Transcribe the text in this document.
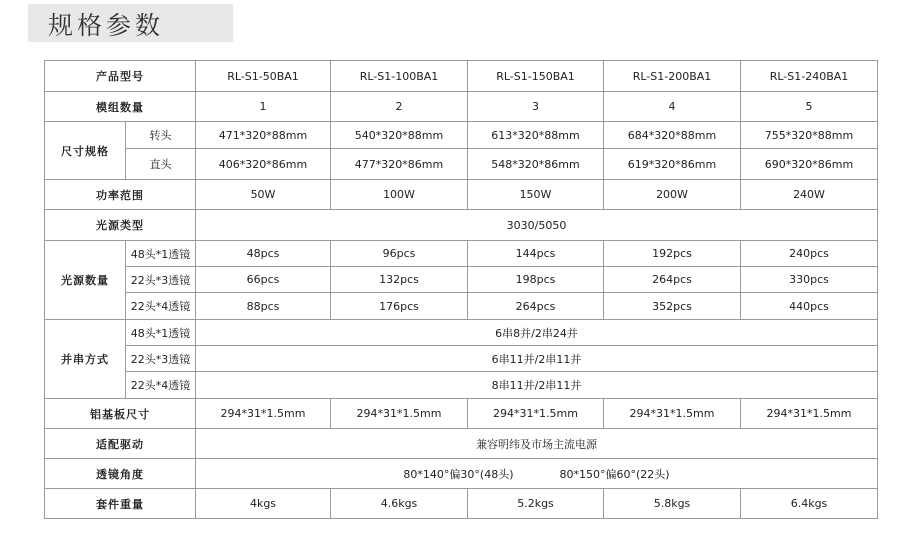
规格参数
产品型号		RL-S1-50BA1	RL-S1-100BA1	RL-S1-150BA1	RL-S1-200BA1	RL-S1-240BA1
模组数量		1	2	3	4	5
尺寸规格	转头	471*320*88mm	540*320*88mm	613*320*88mm	684*320*88mm	755*320*88mm
	直头	406*320*86mm	477*320*86mm	548*320*86mm	619*320*86mm	690*320*86mm
功率范围		50W	100W	150W	200W	240W
光源类型		3030/5050				
光源数量	48头*1透镜	48pcs	96pcs	144pcs	192pcs	240pcs
	22头*3透镜	66pcs	132pcs	198pcs	264pcs	330pcs
	22头*4透镜	88pcs	176pcs	264pcs	352pcs	440pcs
并串方式	48头*1透镜	6串8并/2串24并				
	22头*3透镜	6串11并/2串11并				
	22头*4透镜	8串11并/2串11并				
铝基板尺寸		294*31*1.5mm	294*31*1.5mm	294*31*1.5mm	294*31*1.5mm	294*31*1.5mm
适配驱动		兼容明纬及市场主流电源				
透镜角度		80*140°偏30°(48头) 80*150°偏60°(22头)				
套件重量		4kgs	4.6kgs	5.2kgs	5.8kgs	6.4kgs
